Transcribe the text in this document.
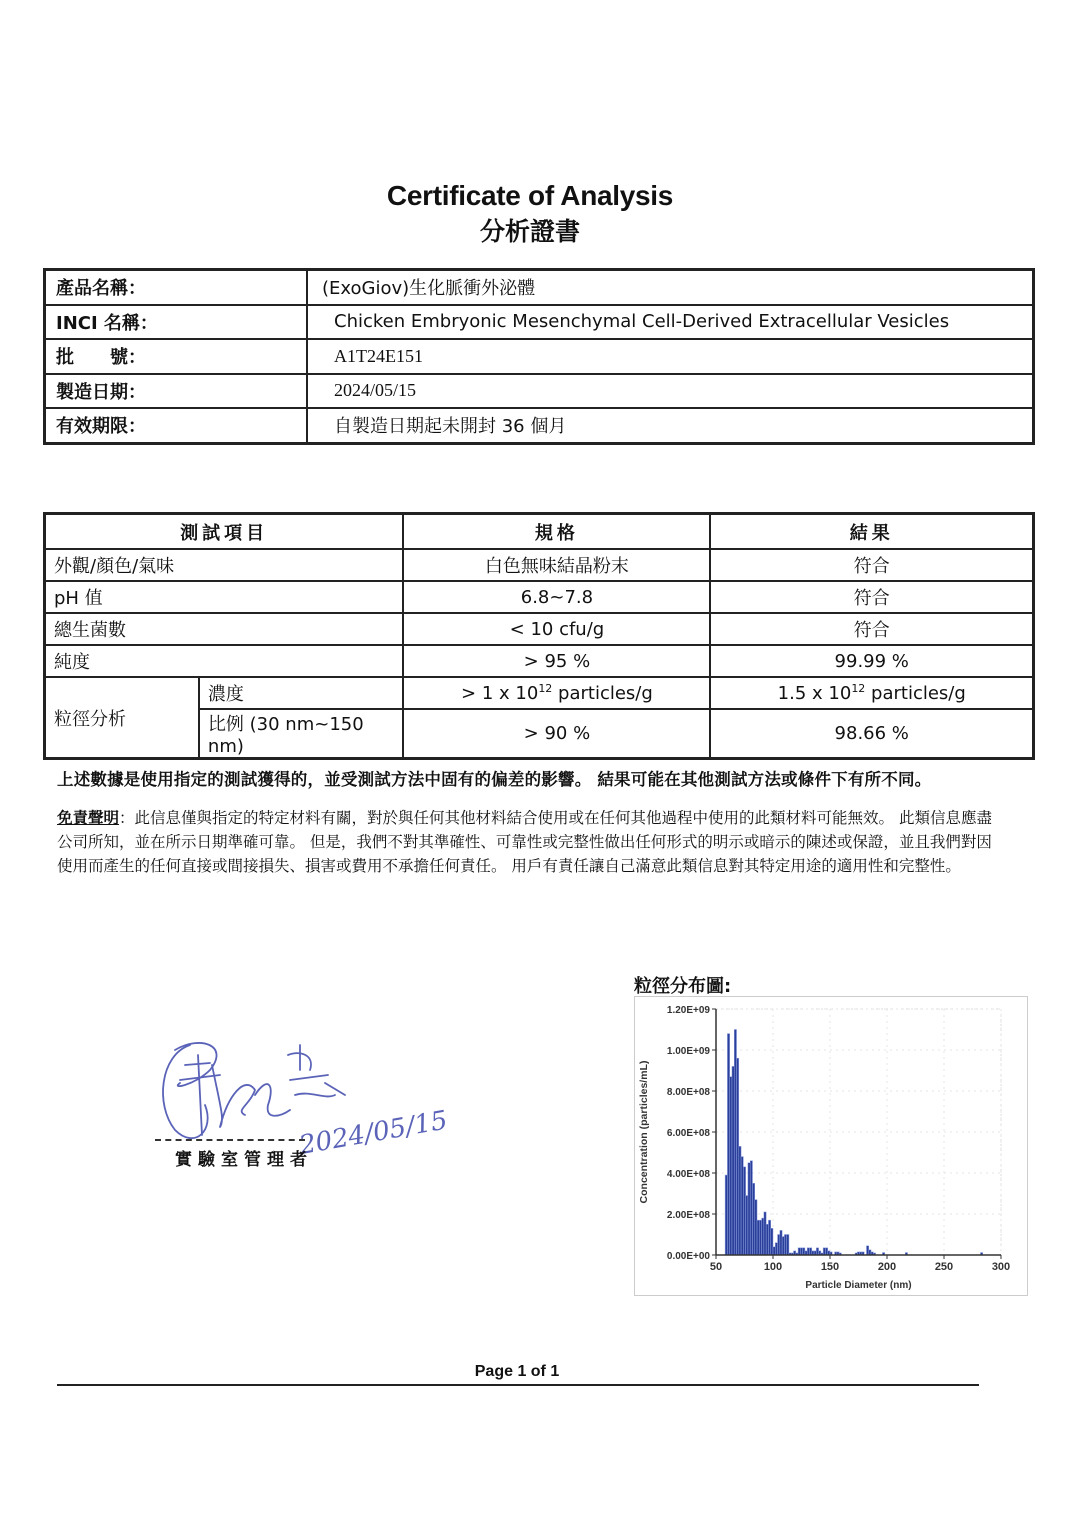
Certificate of Analysis
分析證書
產品名稱：	(ExoGiov)生化脈衝外泌體
INCI 名稱：	Chicken Embryonic Mesenchymal Cell-Derived Extracellular Vesicles
批　　號：	A1T24E151
製造日期：	2024/05/15
有效期限：	自製造日期起未開封 36 個月
測試項目		規格	結果
外觀/顏色/氣味		白色無味結晶粉末	符合
pH 值		6.8~7.8	符合
總生菌數		< 10 cfu/g	符合
純度		> 95 %	99.99 %
粒徑分析	濃度	> 1 x $10^{12}$ particles/g	1.5 x $10^{12}$ particles/g
	比例 (30 nm~150 nm)	> 90 %	98.66 %
上述數據是使用指定的測試獲得的，並受測試方法中固有的偏差的影響。 結果可能在其他測試方法或條件下有所不同。
免責聲明：此信息僅與指定的特定材料有關，對於與任何其他材料結合使用或在任何其他過程中使用的此類材料可能無效。 此類信息應盡公司所知，並在所示日期準確可靠。 但是，我們不對其準確性、可靠性或完整性做出任何形式的明示或暗示的陳述或保證，並且我們對因使用而產生的任何直接或間接損失、損害或費用不承擔任何責任。 用戶有責任讓自己滿意此類信息對其特定用途的適用性和完整性。
2024/05/15
實驗室管理者
粒徑分布圖:
0.00E+00
2.00E+08
4.00E+08
6.00E+08
8.00E+08
1.00E+09
1.20E+09
50	100	150	200	250	300
Particle Diameter (nm)
Concentration (particles/mL)
Page 1 of 1
